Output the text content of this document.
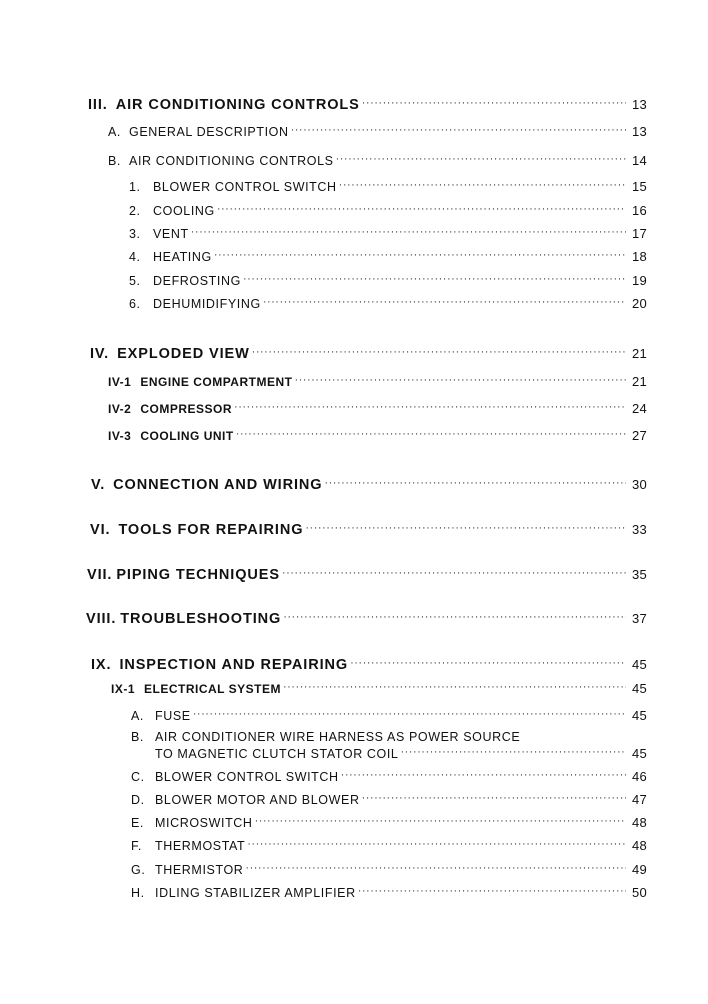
III. AIR CONDITIONING CONTROLS ·····	13
A. GENERAL DESCRIPTION ·····	13
B. AIR CONDITIONING CONTROLS ·····	14
1. BLOWER CONTROL SWITCH ·····	15
2. COOLING ·····	16
3. VENT ·····	17
4. HEATING ·····	18
5. DEFROSTING ·····	19
6. DEHUMIDIFYING ·····	20
IV. EXPLODED VIEW ·····	21
IV-1 ENGINE COMPARTMENT ·····	21
IV-2 COMPRESSOR ·····	24
IV-3 COOLING UNIT ·····	27
V. CONNECTION AND WIRING ·····	30
VI. TOOLS FOR REPAIRING ·····	33
VII. PIPING TECHNIQUES ·····	35
VIII. TROUBLESHOOTING ·····	37
IX. INSPECTION AND REPAIRING ·····	45
IX-1 ELECTRICAL SYSTEM ·····	45
A. FUSE ·····	45
B. AIR CONDITIONER WIRE HARNESS AS POWER SOURCE
TO MAGNETIC CLUTCH STATOR COIL ·····	45
C. BLOWER CONTROL SWITCH ·····	46
D. BLOWER MOTOR AND BLOWER ·····	47
E. MICROSWITCH ·····	48
F. THERMOSTAT ·····	48
G. THERMISTOR ·····	49
H. IDLING STABILIZER AMPLIFIER ·····	50
